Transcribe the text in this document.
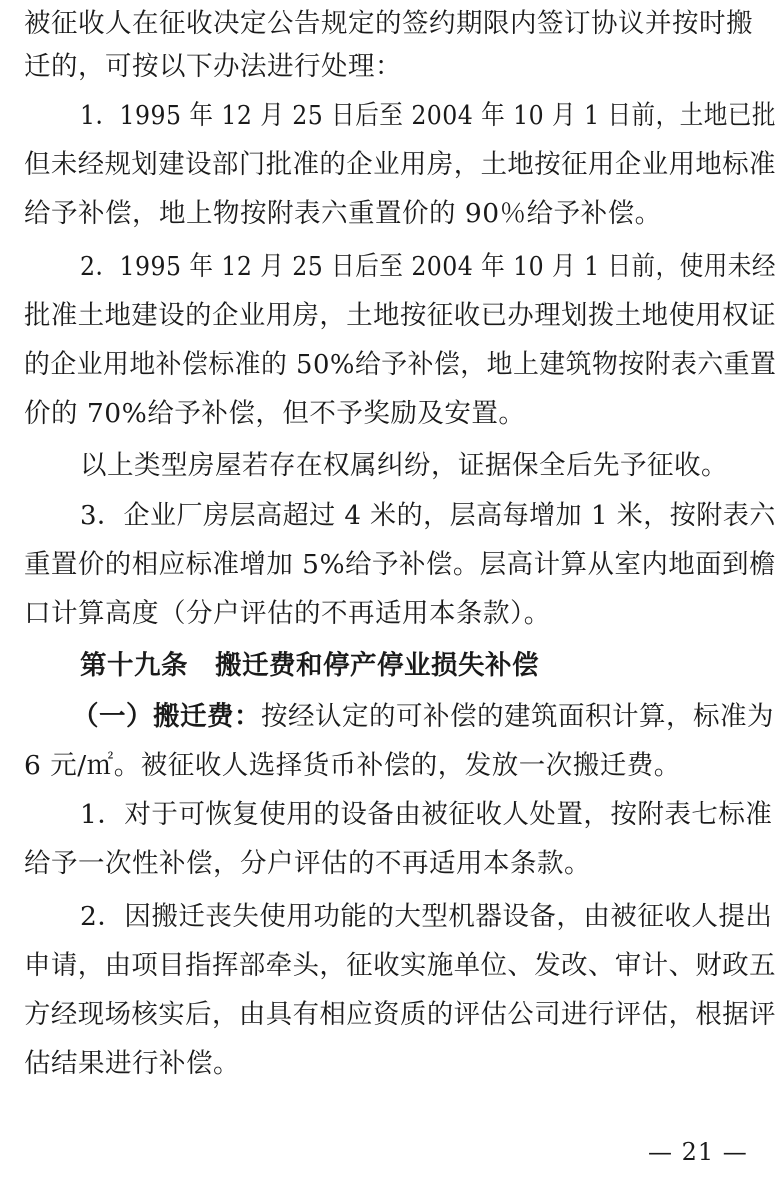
被征收人在征收决定公告规定的签约期限内签订协议并按时搬
迁的，可按以下办法进行处理：
1．1995 年 12 月 25 日后至 2004 年 10 月 1 日前，土地已批
但未经规划建设部门批准的企业用房，土地按征用企业用地标准
给予补偿，地上物按附表六重置价的 90％给予补偿。
2．1995 年 12 月 25 日后至 2004 年 10 月 1 日前，使用未经
批准土地建设的企业用房，土地按征收已办理划拨土地使用权证
的企业用地补偿标准的 50%给予补偿，地上建筑物按附表六重置
价的 70%给予补偿，但不予奖励及安置。
以上类型房屋若存在权属纠纷，证据保全后先予征收。
3．企业厂房层高超过 4 米的，层高每增加 1 米，按附表六
重置价的相应标准增加 5%给予补偿。层高计算从室内地面到檐
口计算高度（分户评估的不再适用本条款）。
第十九条　搬迁费和停产停业损失补偿
（一）搬迁费：按经认定的可补偿的建筑面积计算，标准为
6 元/㎡。被征收人选择货币补偿的，发放一次搬迁费。
1．对于可恢复使用的设备由被征收人处置，按附表七标准
给予一次性补偿，分户评估的不再适用本条款。
2．因搬迁丧失使用功能的大型机器设备，由被征收人提出
申请，由项目指挥部牵头，征收实施单位、发改、审计、财政五
方经现场核实后，由具有相应资质的评估公司进行评估，根据评
估结果进行补偿。
— 21 —
